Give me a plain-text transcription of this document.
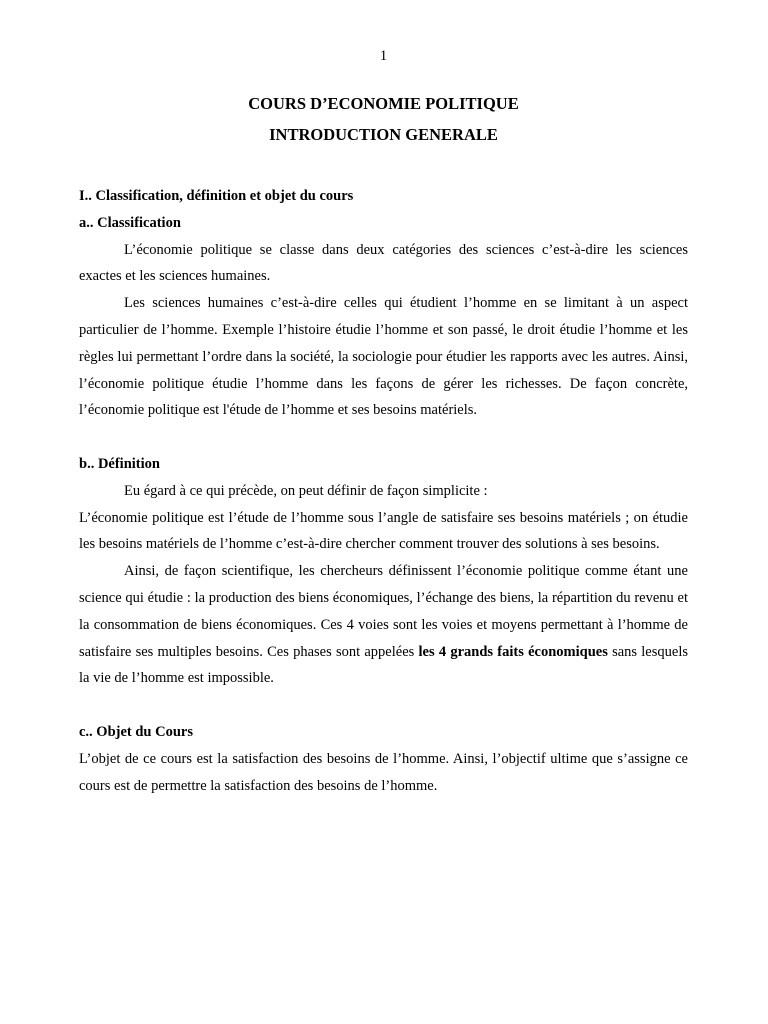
1
COURS D’ECONOMIE POLITIQUE
INTRODUCTION GENERALE
I.. Classification, définition et objet du cours
a.. Classification

L’économie politique se classe dans deux catégories des sciences c’est-à-dire les sciences exactes et les sciences humaines.

Les sciences humaines c’est-à-dire celles qui étudient l’homme en se limitant à un aspect particulier de l’homme. Exemple l’histoire étudie l’homme et son passé, le droit étudie l’homme et les règles lui permettant l’ordre dans la société, la sociologie pour étudier les rapports avec les autres. Ainsi, l’économie politique étudie l’homme dans les façons de gérer les richesses. De façon concrète, l’économie politique est l'étude de l’homme et ses besoins matériels.

b.. Définition

Eu égard à ce qui précède, on peut définir de façon simplicite :

L’économie politique est l’étude de l’homme sous l’angle de satisfaire ses besoins matériels ; on étudie les besoins matériels de l’homme c’est-à-dire chercher comment trouver des solutions à ses besoins.

Ainsi, de façon scientifique, les chercheurs définissent l’économie politique comme étant une science qui étudie : la production des biens économiques, l’échange des biens, la répartition du revenu et la consommation de biens économiques. Ces 4 voies sont les voies et moyens permettant à l’homme de satisfaire ses multiples besoins. Ces phases sont appelées les 4 grands faits économiques sans lesquels la vie de l’homme est impossible.

c.. Objet du Cours

L’objet de ce cours est la satisfaction des besoins de l’homme. Ainsi, l’objectif ultime que s’assigne ce cours est de permettre la satisfaction des besoins de l’homme.
